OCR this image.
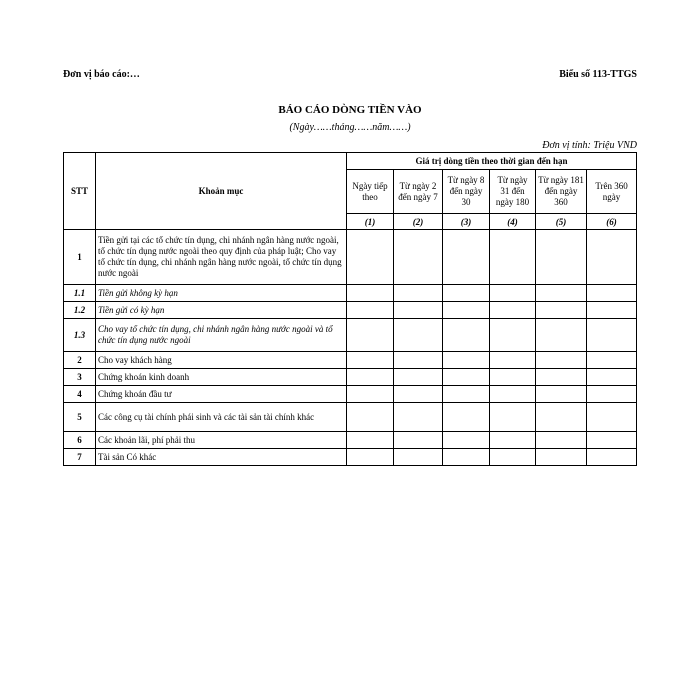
Đơn vị báo cáo:…	Biểu số 113-TTGS
BÁO CÁO DÒNG TIỀN VÀO
(Ngày……tháng……năm……)
Đơn vị tính: Triệu VND
STT	Khoản mục	Giá trị dòng tiền theo thời gian đến hạn					
		Ngày tiếp theo	Từ ngày 2 đến ngày 7	Từ ngày 8 đến ngày 30	Từ ngày 31 đến ngày 180	Từ ngày 181 đến ngày 360	Trên 360 ngày
		(1)	(2)	(3)	(4)	(5)	(6)
1	Tiền gửi tại các tổ chức tín dụng, chi nhánh ngân hàng nước ngoài, tổ chức tín dụng nước ngoài theo quy định của pháp luật; Cho vay tổ chức tín dụng, chi nhánh ngân hàng nước ngoài, tổ chức tín dụng nước ngoài						
1.1	Tiền gửi không kỳ hạn						
1.2	Tiền gửi có kỳ hạn						
1.3	Cho vay tổ chức tín dụng, chi nhánh ngân hàng nước ngoài và tổ chức tín dụng nước ngoài						
2	Cho vay khách hàng						
3	Chứng khoán kinh doanh						
4	Chứng khoán đầu tư						
5	Các công cụ tài chính phái sinh và các tài sản tài chính khác						
6	Các khoản lãi, phí phải thu						
7	Tài sản Có khác						
